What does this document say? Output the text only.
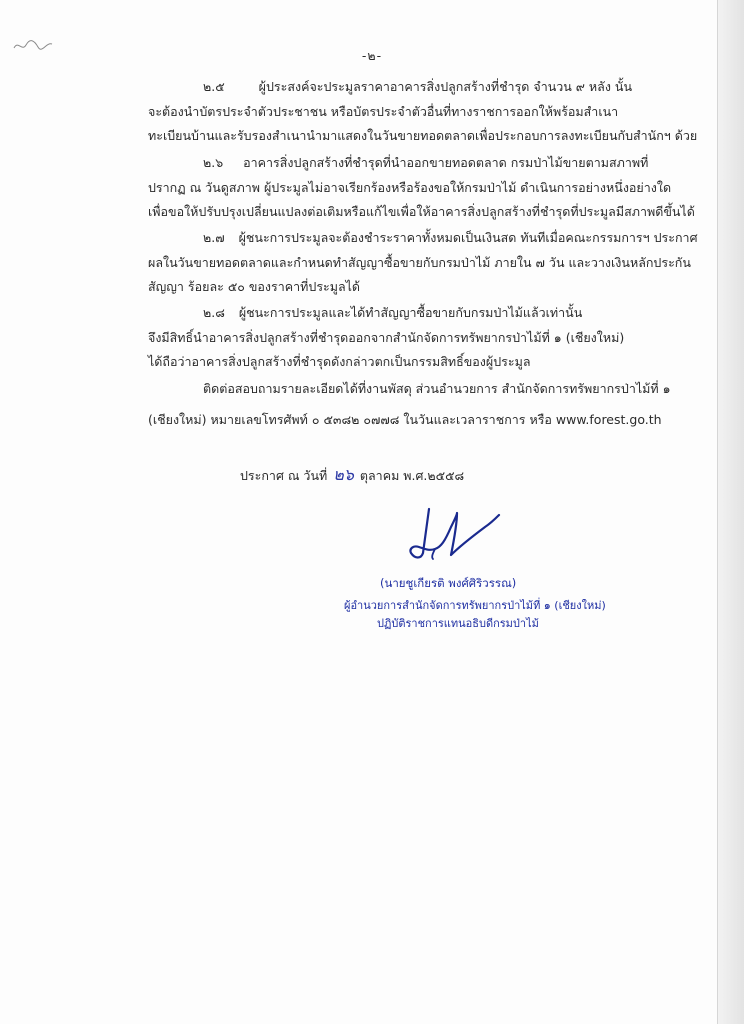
-๒-
๒.๕	ผู้ประสงค์จะประมูลราคาอาคารสิ่งปลูกสร้างที่ชำรุด จำนวน ๙ หลัง นั้น
จะต้องนำบัตรประจำตัวประชาชน หรือบัตรประจำตัวอื่นที่ทางราชการออกให้พร้อมสำเนา
ทะเบียนบ้านและรับรองสำเนานำมาแสดงในวันขายทอดตลาดเพื่อประกอบการลงทะเบียนกับสำนักฯ ด้วย
๒.๖ อาคารสิ่งปลูกสร้างที่ชำรุดที่นำออกขายทอดตลาด กรมป่าไม้ขายตามสภาพที่
ปรากฏ ณ วันดูสภาพ ผู้ประมูลไม่อาจเรียกร้องหรือร้องขอให้กรมป่าไม้ ดำเนินการอย่างหนึ่งอย่างใด
เพื่อขอให้ปรับปรุงเปลี่ยนแปลงต่อเติมหรือแก้ไขเพื่อให้อาคารสิ่งปลูกสร้างที่ชำรุดที่ประมูลมีสภาพดีขึ้นได้
๒.๗ ผู้ชนะการประมูลจะต้องชำระราคาทั้งหมดเป็นเงินสด ทันทีเมื่อคณะกรรมการฯ ประกาศ
ผลในวันขายทอดตลาดและกำหนดทำสัญญาซื้อขายกับกรมป่าไม้ ภายใน ๗ วัน และวางเงินหลักประกัน
สัญญา ร้อยละ ๕๐ ของราคาที่ประมูลได้
๒.๘ ผู้ชนะการประมูลและได้ทำสัญญาซื้อขายกับกรมป่าไม้แล้วเท่านั้น
จึงมีสิทธิ์นำอาคารสิ่งปลูกสร้างที่ชำรุดออกจากสำนักจัดการทรัพยากรป่าไม้ที่ ๑ (เชียงใหม่)
ได้ถือว่าอาคารสิ่งปลูกสร้างที่ชำรุดดังกล่าวตกเป็นกรรมสิทธิ์ของผู้ประมูล
ติดต่อสอบถามรายละเอียดได้ที่งานพัสดุ ส่วนอำนวยการ สำนักจัดการทรัพยากรป่าไม้ที่ ๑
(เชียงใหม่) หมายเลขโทรศัพท์ ๐ ๕๓๘๒ ๐๗๗๘ ในวันและเวลาราชการ หรือ www.forest.go.th
ประกาศ ณ วันที่ ๒๖ ตุลาคม พ.ศ.๒๕๕๘
(นายชูเกียรติ พงศ์ศิริวรรณ)
ผู้อำนวยการสำนักจัดการทรัพยากรป่าไม้ที่ ๑ (เชียงใหม่)
ปฏิบัติราชการแทนอธิบดีกรมป่าไม้
